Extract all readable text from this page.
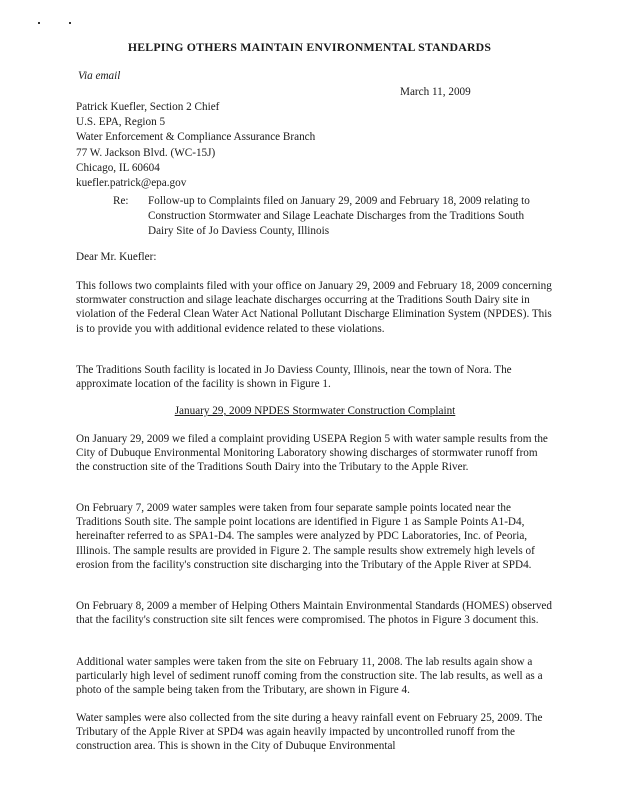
HELPING OTHERS MAINTAIN ENVIRONMENTAL STANDARDS
Via email
March 11, 2009
Patrick Kuefler, Section 2 Chief
U.S. EPA, Region 5
Water Enforcement & Compliance Assurance Branch
77 W. Jackson Blvd. (WC-15J)
Chicago, IL 60604
kuefler.patrick@epa.gov
Re: Follow-up to Complaints filed on January 29, 2009 and February 18, 2009 relating to Construction Stormwater and Silage Leachate Discharges from the Traditions South Dairy Site of Jo Daviess County, Illinois
Dear Mr. Kuefler:

This follows two complaints filed with your office on January 29, 2009 and February 18, 2009 concerning stormwater construction and silage leachate discharges occurring at the Traditions South Dairy site in violation of the Federal Clean Water Act National Pollutant Discharge Elimination System (NPDES). This is to provide you with additional evidence related to these violations.

The Traditions South facility is located in Jo Daviess County, Illinois, near the town of Nora. The approximate location of the facility is shown in Figure 1.

January 29, 2009 NPDES Stormwater Construction Complaint

On January 29, 2009 we filed a complaint providing USEPA Region 5 with water sample results from the City of Dubuque Environmental Monitoring Laboratory showing discharges of stormwater runoff from the construction site of the Traditions South Dairy into the Tributary to the Apple River.

On February 7, 2009 water samples were taken from four separate sample points located near the Traditions South site. The sample point locations are identified in Figure 1 as Sample Points A1-D4, hereinafter referred to as SPA1-D4. The samples were analyzed by PDC Laboratories, Inc. of Peoria, Illinois. The sample results are provided in Figure 2. The sample results show extremely high levels of erosion from the facility's construction site discharging into the Tributary of the Apple River at SPD4.

On February 8, 2009 a member of Helping Others Maintain Environmental Standards (HOMES) observed that the facility's construction site silt fences were compromised. The photos in Figure 3 document this.

Additional water samples were taken from the site on February 11, 2008. The lab results again show a particularly high level of sediment runoff coming from the construction site. The lab results, as well as a photo of the sample being taken from the Tributary, are shown in Figure 4.

Water samples were also collected from the site during a heavy rainfall event on February 25, 2009. The Tributary of the Apple River at SPD4 was again heavily impacted by uncontrolled runoff from the construction area. This is shown in the City of Dubuque Environmental
